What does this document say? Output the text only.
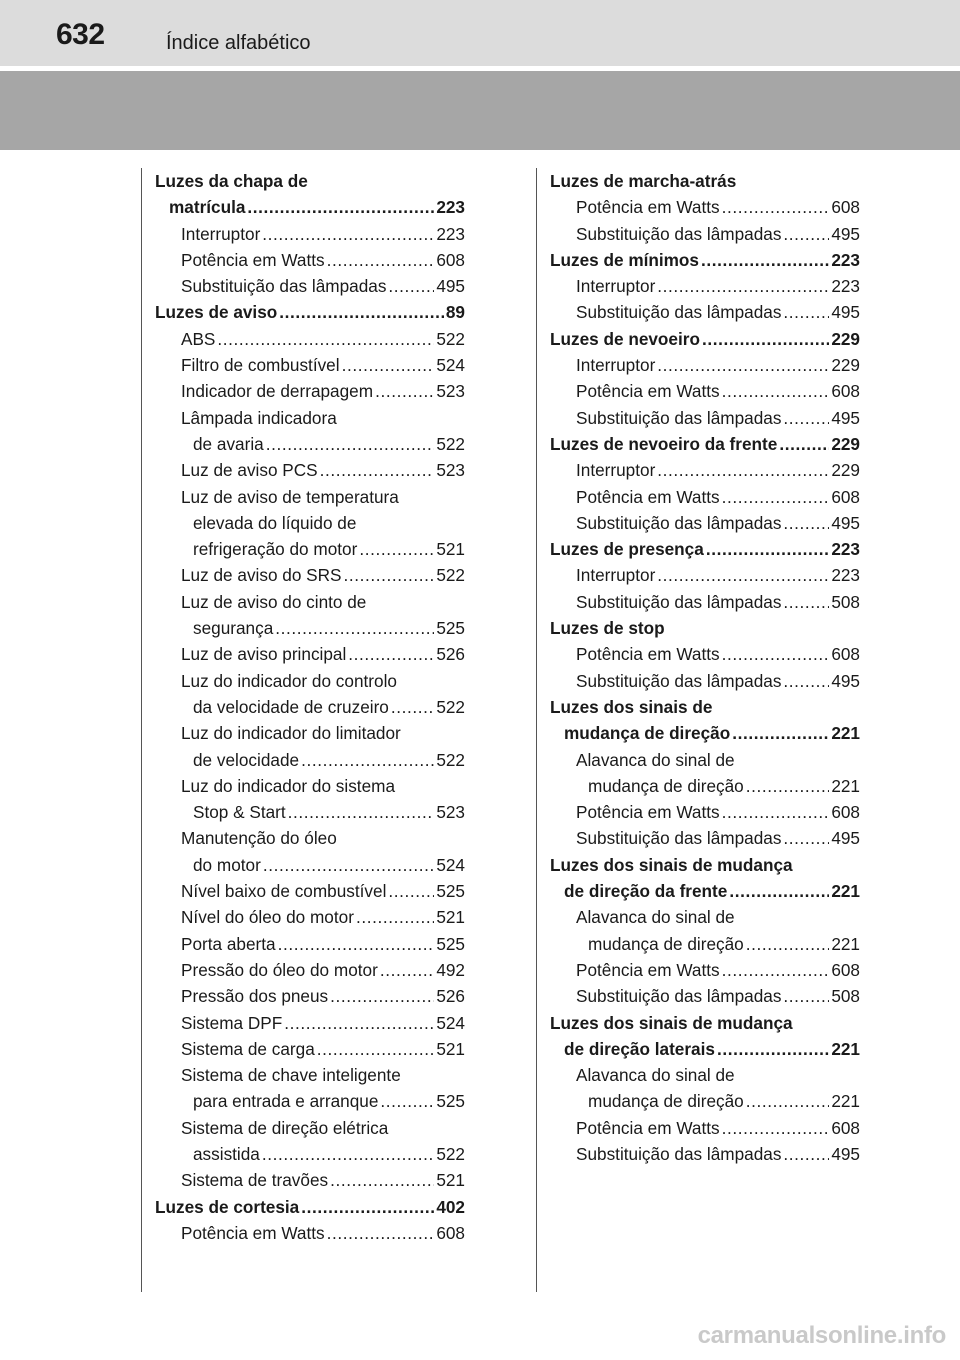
632	Índice alfabético
Luzes da chapa de
matrícula .....	223
Interruptor .....	223
Potência em Watts .....	608
Substituição das lâmpadas .....	495
Luzes de aviso .....	89
ABS .....	522
Filtro de combustível .....	524
Indicador de derrapagem .....	523
Lâmpada indicadora
de avaria .....	522
Luz de aviso PCS .....	523
Luz de aviso de temperatura
elevada do líquido de
refrigeração do motor .....	521
Luz de aviso do SRS .....	522
Luz de aviso do cinto de
segurança .....	525
Luz de aviso principal .....	526
Luz do indicador do controlo
da velocidade de cruzeiro .....	522
Luz do indicador do limitador
de velocidade .....	522
Luz do indicador do sistema
Stop & Start .....	523
Manutenção do óleo
do motor .....	524
Nível baixo de combustível .....	525
Nível do óleo do motor .....	521
Porta aberta .....	525
Pressão do óleo do motor .....	492
Pressão dos pneus .....	526
Sistema DPF .....	524
Sistema de carga .....	521
Sistema de chave inteligente
para entrada e arranque .....	525
Sistema de direção elétrica
assistida .....	522
Sistema de travões .....	521
Luzes de cortesia .....	402
Potência em Watts .....	608
Luzes de marcha-atrás
Potência em Watts .....	608
Substituição das lâmpadas .....	495
Luzes de mínimos .....	223
Interruptor .....	223
Substituição das lâmpadas .....	495
Luzes de nevoeiro .....	229
Interruptor .....	229
Potência em Watts .....	608
Substituição das lâmpadas .....	495
Luzes de nevoeiro da frente .....	229
Interruptor .....	229
Potência em Watts .....	608
Substituição das lâmpadas .....	495
Luzes de presença .....	223
Interruptor .....	223
Substituição das lâmpadas .....	508
Luzes de stop
Potência em Watts .....	608
Substituição das lâmpadas .....	495
Luzes dos sinais de
mudança de direção .....	221
Alavanca do sinal de
mudança de direção .....	221
Potência em Watts .....	608
Substituição das lâmpadas .....	495
Luzes dos sinais de mudança
de direção da frente .....	221
Alavanca do sinal de
mudança de direção .....	221
Potência em Watts .....	608
Substituição das lâmpadas .....	508
Luzes dos sinais de mudança
de direção laterais .....	221
Alavanca do sinal de
mudança de direção .....	221
Potência em Watts .....	608
Substituição das lâmpadas .....	495
carmanualsonline.info
